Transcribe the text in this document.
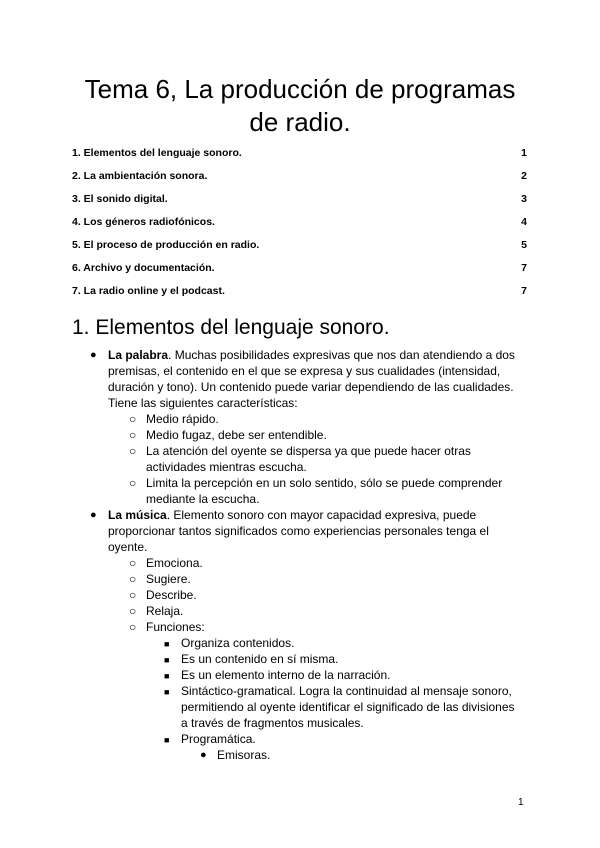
Tema 6, La producción de programas
de radio.
1. Elementos del lenguaje sonoro.	1
2. La ambientación sonora.	2
3. El sonido digital.	3
4. Los géneros radiofónicos.	4
5. El proceso de producción en radio.	5
6. Archivo y documentación.	7
7. La radio online y el podcast.	7
1. Elementos del lenguaje sonoro.
● La palabra. Muchas posibilidades expresivas que nos dan atendiendo a dos premisas, el contenido en el que se expresa y sus cualidades (intensidad, duración y tono). Un contenido puede variar dependiendo de las cualidades. Tiene las siguientes características:
○ Medio rápido.
○ Medio fugaz, debe ser entendible.
○ La atención del oyente se dispersa ya que puede hacer otras actividades mientras escucha.
○ Limita la percepción en un solo sentido, sólo se puede comprender mediante la escucha.
● La música. Elemento sonoro con mayor capacidad expresiva, puede proporcionar tantos significados como experiencias personales tenga el oyente.
○ Emociona.
○ Sugiere.
○ Describe.
○ Relaja.
○ Funciones:
■ Organiza contenidos.
■ Es un contenido en sí misma.
■ Es un elemento interno de la narración.
■ Sintáctico-gramatical. Logra la continuidad al mensaje sonoro, permitiendo al oyente identificar el significado de las divisiones a través de fragmentos musicales.
■ Programática.
● Emisoras.
1
